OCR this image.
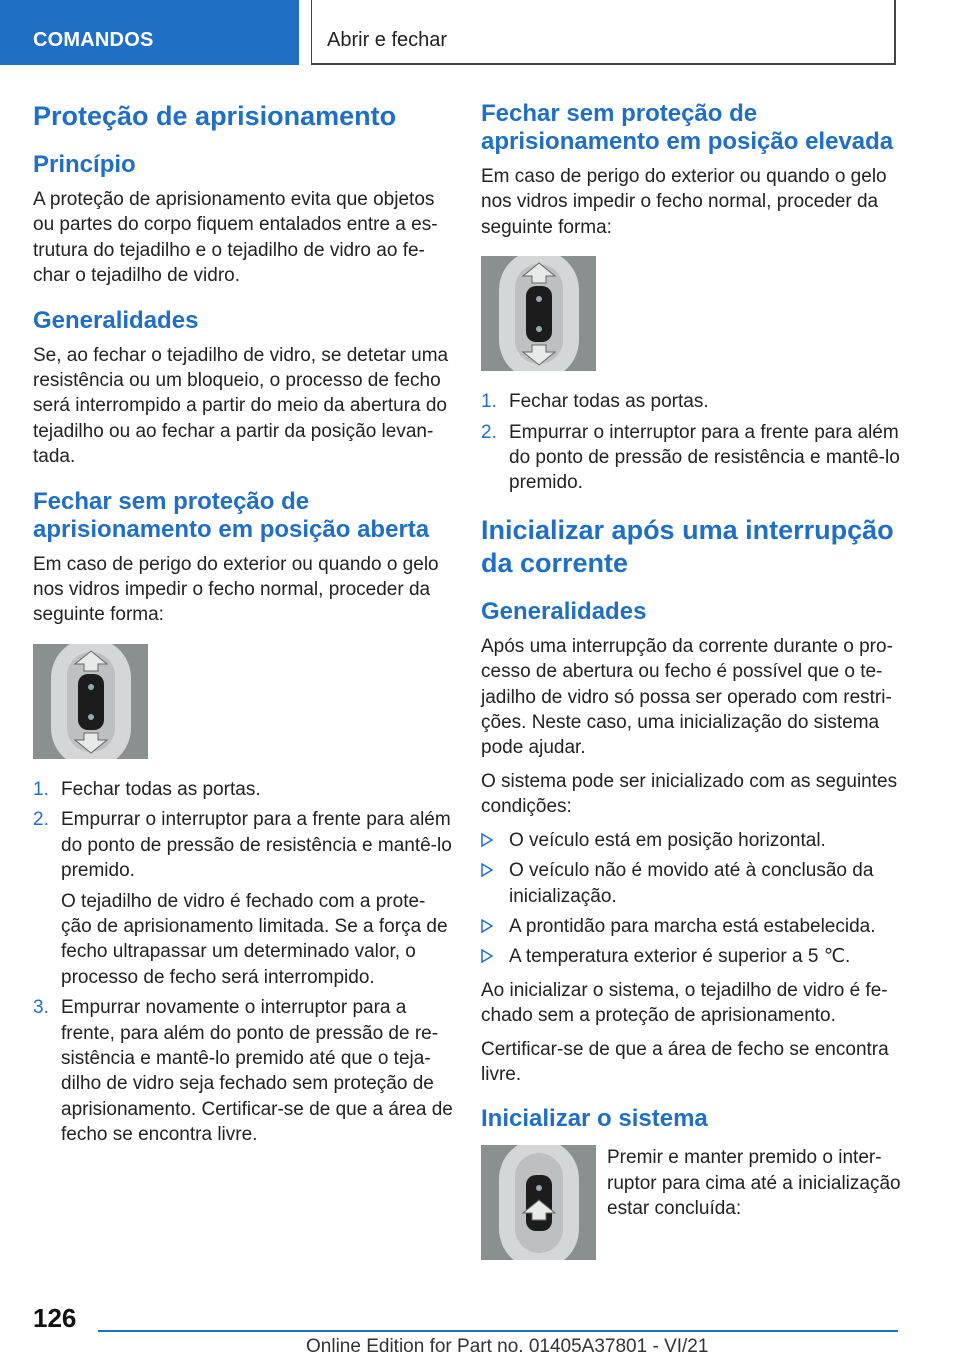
COMANDOS	Abrir e fechar
Proteção de aprisionamento
Princípio

A proteção de aprisionamento evita que objetos ou partes do corpo fiquem entalados entre a es-trutura do tejadilho e o tejadilho de vidro ao fe-char o tejadilho de vidro.

Generalidades

Se, ao fechar o tejadilho de vidro, se detetar uma resistência ou um bloqueio, o processo de fecho será interrompido a partir do meio da abertura do tejadilho ou ao fechar a partir da posição levan-tada.

Fechar sem proteção de aprisionamento em posição aberta

Em caso de perigo do exterior ou quando o gelo nos vidros impedir o fecho normal, proceder da seguinte forma:

1. Fechar todas as portas.
2. Empurrar o interruptor para a frente para além do ponto de pressão de resistência e mantê-lo premido.
O tejadilho de vidro é fechado com a prote-ção de aprisionamento limitada. Se a força de fecho ultrapassar um determinado valor, o processo de fecho será interrompido.
3. Empurrar novamente o interruptor para a frente, para além do ponto de pressão de re-sistência e mantê-lo premido até que o teja-dilho de vidro seja fechado sem proteção de aprisionamento. Certificar-se de que a área de fecho se encontra livre.
Fechar sem proteção de aprisionamento em posição elevada

Em caso de perigo do exterior ou quando o gelo nos vidros impedir o fecho normal, proceder da seguinte forma:

1. Fechar todas as portas.
2. Empurrar o interruptor para a frente para além do ponto de pressão de resistência e mantê-lo premido.
Inicializar após uma interrupção da corrente
Generalidades

Após uma interrupção da corrente durante o pro-cesso de abertura ou fecho é possível que o te-jadilho de vidro só possa ser operado com restri-ções. Neste caso, uma inicialização do sistema pode ajudar.

O sistema pode ser inicializado com as seguintes condições:

O veículo está em posição horizontal.
O veículo não é movido até à conclusão da inicialização.
A prontidão para marcha está estabelecida.
A temperatura exterior é superior a 5 ℃.

Ao inicializar o sistema, o tejadilho de vidro é fe-chado sem a proteção de aprisionamento.

Certificar-se de que a área de fecho se encontra livre.

Inicializar o sistema

Premir e manter premido o inter-ruptor para cima até a inicialização estar concluída:

126
Online Edition for Part no. 01405A37801 - VI/21
